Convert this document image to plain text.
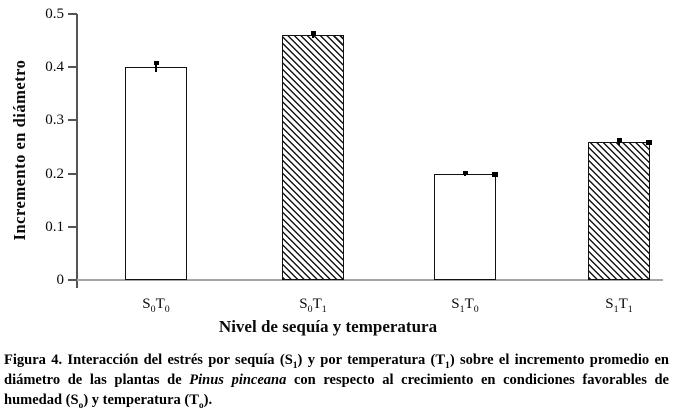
Incremento en diámetro
0
0.1
0.2
0.3
0.4
0.5
$S_0T_0$	$S_0T_1$	$S_1T_0$	$S_1T_1$
Nivel de sequía y temperatura
Figura 4. Interacción del estrés por sequía $(S_1)$ y por temperatura $(T_1)$ sobre el incremento promedio en
diámetro de las plantas de Pinus pinceana con respecto al crecimiento en condiciones favorables de
humedad $(S_o)$ y temperatura $(T_o)$.
